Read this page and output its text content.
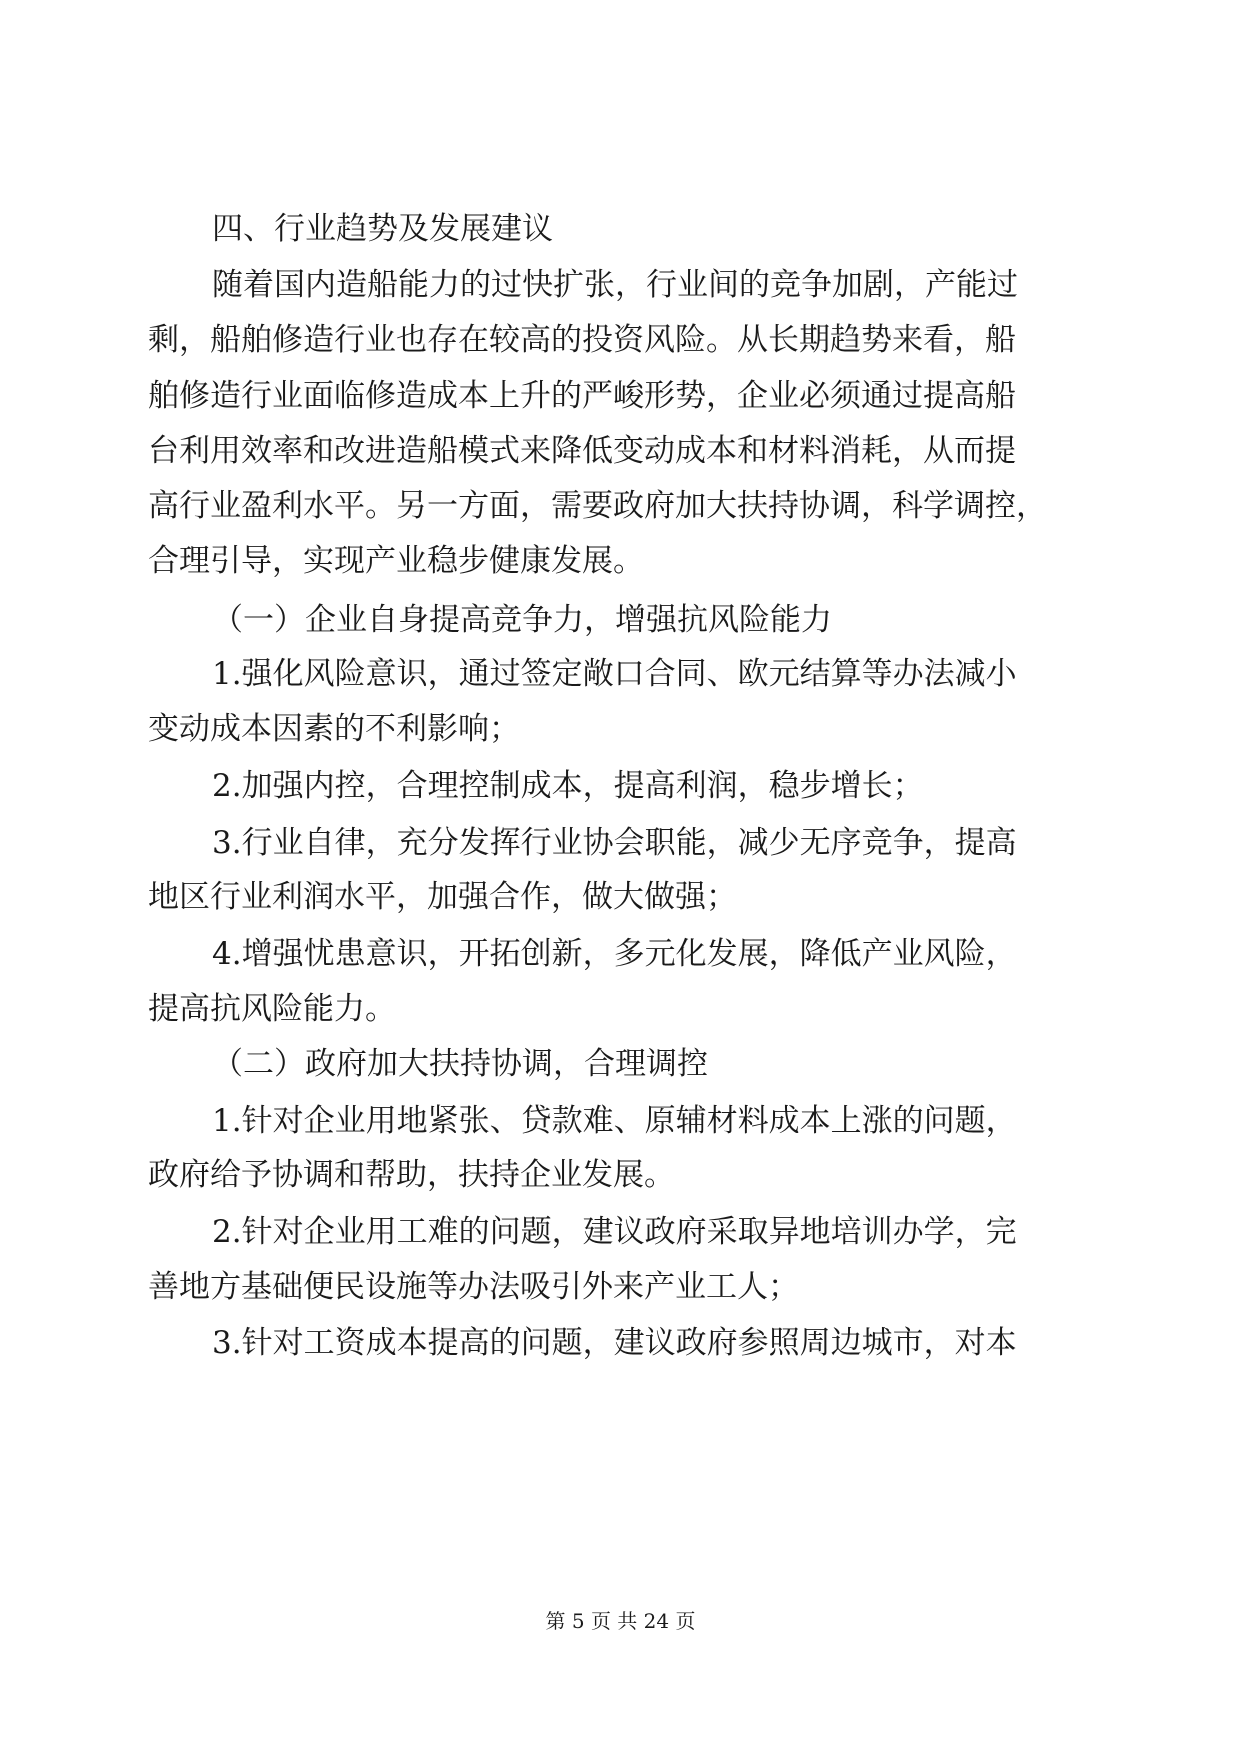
四、行业趋势及发展建议
随着国内造船能力的过快扩张，行业间的竞争加剧，产能过
剩，船舶修造行业也存在较高的投资风险。从长期趋势来看，船
舶修造行业面临修造成本上升的严峻形势，企业必须通过提高船
台利用效率和改进造船模式来降低变动成本和材料消耗，从而提
高行业盈利水平。另一方面，需要政府加大扶持协调，科学调控，
合理引导，实现产业稳步健康发展。
（一）企业自身提高竞争力，增强抗风险能力
1.强化风险意识，通过签定敞口合同、欧元结算等办法减小
变动成本因素的不利影响；
2.加强内控，合理控制成本，提高利润，稳步增长；
3.行业自律，充分发挥行业协会职能，减少无序竞争，提高
地区行业利润水平，加强合作，做大做强；
4.增强忧患意识，开拓创新，多元化发展，降低产业风险，
提高抗风险能力。
（二）政府加大扶持协调，合理调控
1.针对企业用地紧张、贷款难、原辅材料成本上涨的问题，
政府给予协调和帮助，扶持企业发展。
2.针对企业用工难的问题，建议政府采取异地培训办学，完
善地方基础便民设施等办法吸引外来产业工人；
3.针对工资成本提高的问题，建议政府参照周边城市，对本
第 5 页 共 24 页
